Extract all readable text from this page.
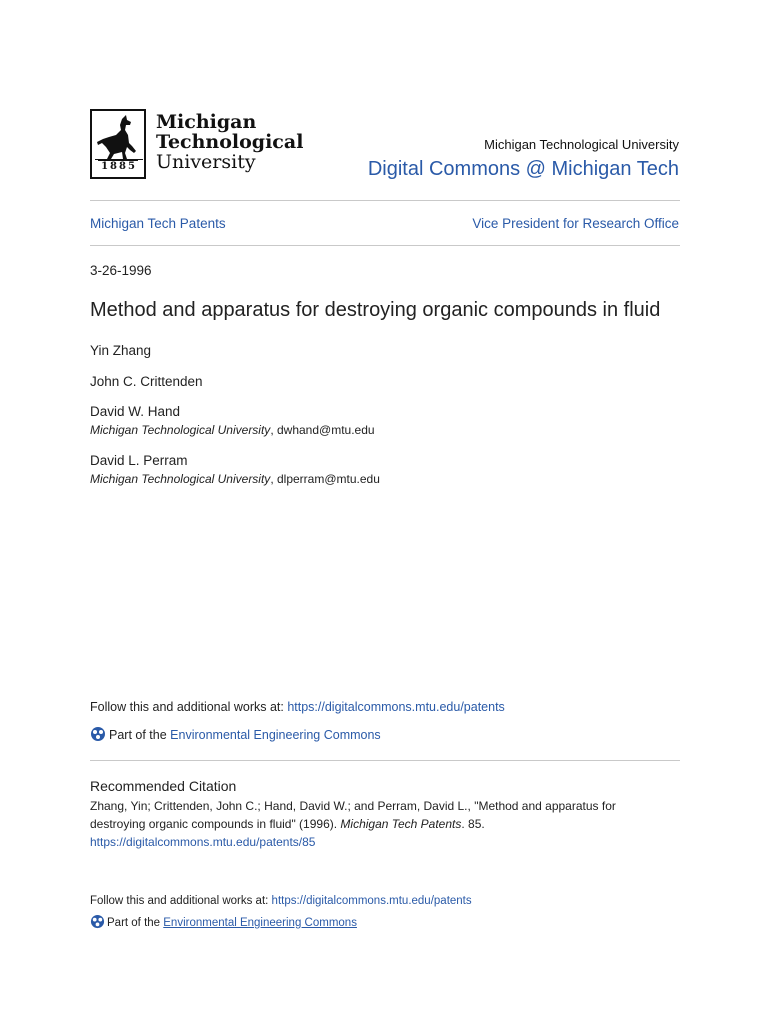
1885
Michigan
Technological
University
Michigan Technological University
Digital Commons @ Michigan Tech
Michigan Tech Patents	Vice President for Research Office
3-26-1996
Method and apparatus for destroying organic compounds in fluid
Yin Zhang
John C. Crittenden
David W. Hand
Michigan Technological University, dwhand@mtu.edu
David L. Perram
Michigan Technological University, dlperram@mtu.edu
Follow this and additional works at: https://digitalcommons.mtu.edu/patents
Part of the Environmental Engineering Commons
Recommended Citation
Zhang, Yin; Crittenden, John C.; Hand, David W.; and Perram, David L., "Method and apparatus for destroying organic compounds in fluid" (1996). Michigan Tech Patents. 85.
https://digitalcommons.mtu.edu/patents/85
Follow this and additional works at: https://digitalcommons.mtu.edu/patents
Part of the Environmental Engineering Commons
